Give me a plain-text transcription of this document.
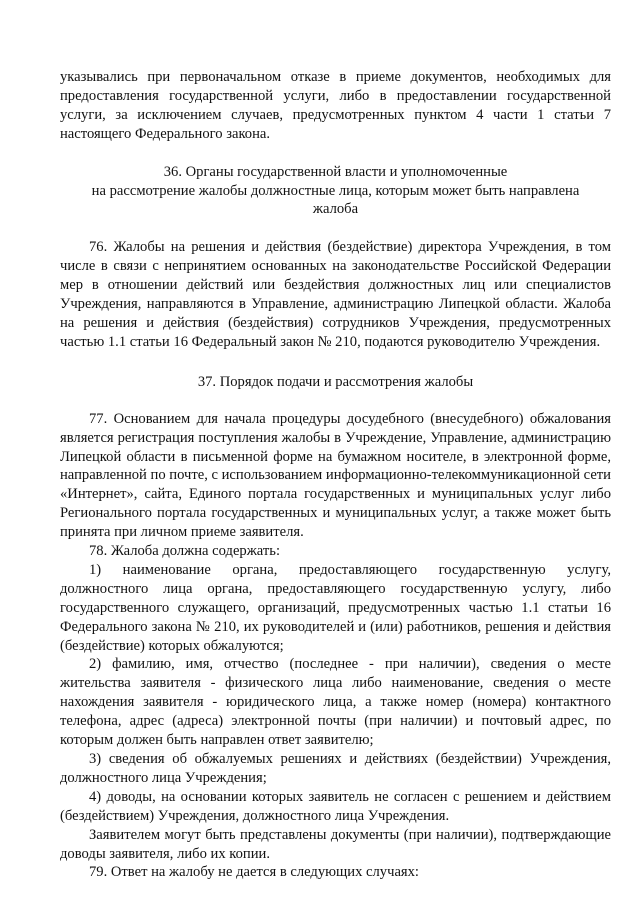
указывались при первоначальном отказе в приеме документов, необходимых для предоставления государственной услуги, либо в предоставлении государственной услуги, за исключением случаев, предусмотренных пунктом 4 части 1 статьи 7 настоящего Федерального закона.

36. Органы государственной власти и уполномоченные
на рассмотрение жалобы должностные лица, которым может быть направлена
жалоба

76. Жалобы на решения и действия (бездействие) директора Учреждения, в том числе в связи с непринятием основанных на законодательстве Российской Федерации мер в отношении действий или бездействия должностных лиц или специалистов Учреждения, направляются в Управление, администрацию Липецкой области. Жалоба на решения и действия (бездействия) сотрудников Учреждения, предусмотренных частью 1.1 статьи 16 Федеральный закон № 210, подаются руководителю Учреждения.

37. Порядок подачи и рассмотрения жалобы

77. Основанием для начала процедуры досудебного (внесудебного) обжалования является регистрация поступления жалобы в Учреждение, Управление, администрацию Липецкой области в письменной форме на бумажном носителе, в электронной форме, направленной по почте, с использованием информационно-телекоммуникационной сети «Интернет», сайта, Единого портала государственных и муниципальных услуг либо Регионального портала государственных и муниципальных услуг, а также может быть принята при личном приеме заявителя.

78. Жалоба должна содержать:

1) наименование органа, предоставляющего государственную услугу, должностного лица органа, предоставляющего государственную услугу, либо государственного служащего, организаций, предусмотренных частью 1.1 статьи 16 Федерального закона № 210, их руководителей и (или) работников, решения и действия (бездействие) которых обжалуются;

2) фамилию, имя, отчество (последнее - при наличии), сведения о месте жительства заявителя - физического лица либо наименование, сведения о месте нахождения заявителя - юридического лица, а также номер (номера) контактного телефона, адрес (адреса) электронной почты (при наличии) и почтовый адрес, по которым должен быть направлен ответ заявителю;

3) сведения об обжалуемых решениях и действиях (бездействии) Учреждения, должностного лица Учреждения;

4) доводы, на основании которых заявитель не согласен с решением и действием (бездействием) Учреждения, должностного лица Учреждения.

Заявителем могут быть представлены документы (при наличии), подтверждающие доводы заявителя, либо их копии.

79. Ответ на жалобу не дается в следующих случаях:
